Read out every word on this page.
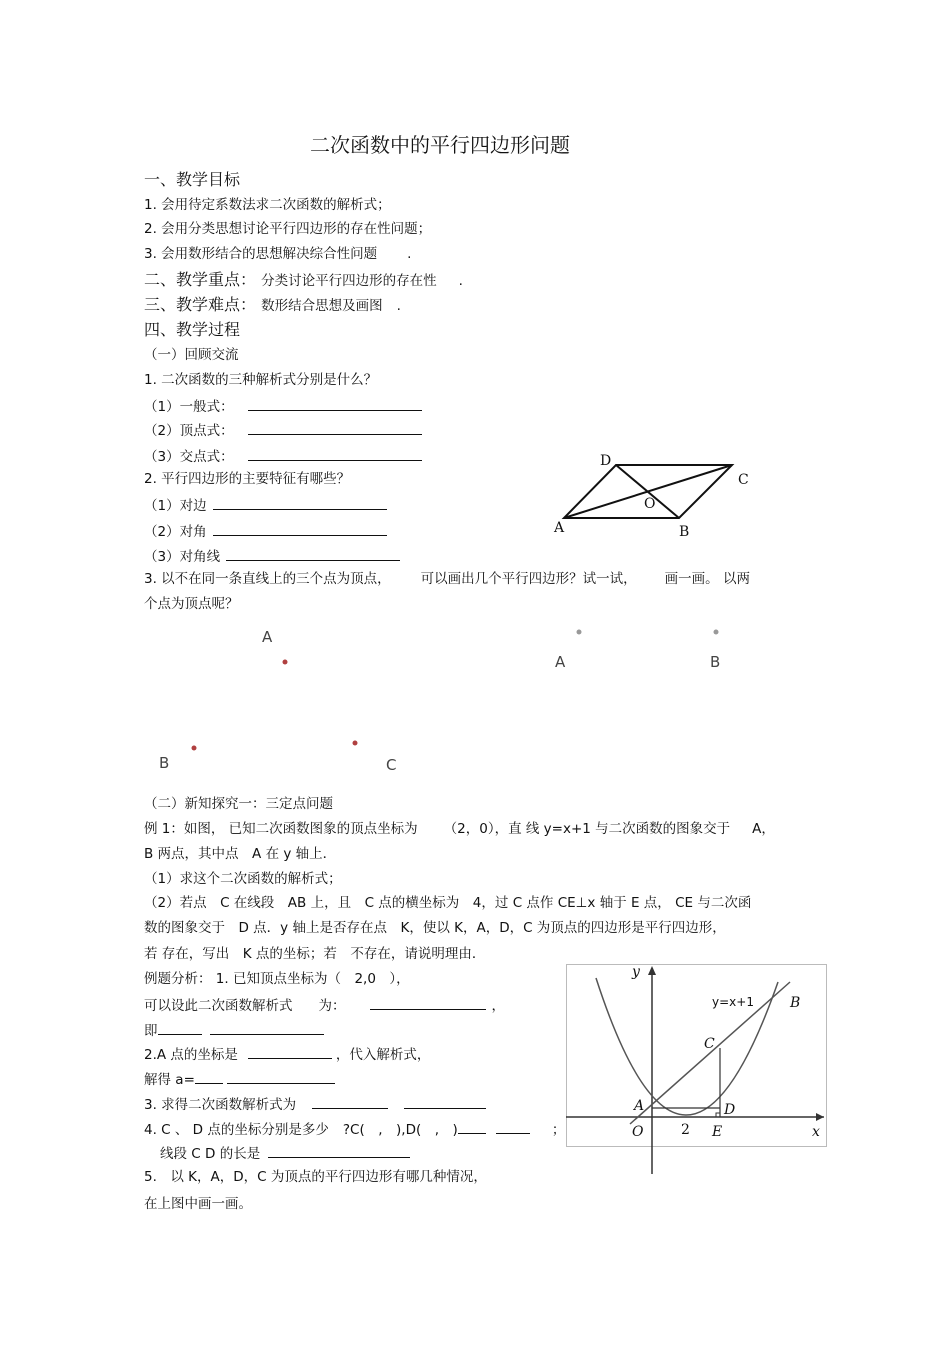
二次函数中的平行四边形问题
一、教学目标
1. 会用待定系数法求二次函数的解析式；
2. 会用分类思想讨论平行四边形的存在性问题；
3. 会用数形结合的思想解决综合性问题 .
二、教学重点： 分类讨论平行四边形的存在性 .
三、教学难点： 数形结合思想及画图 .
四、教学过程
（一）回顾交流
1. 二次函数的三种解析式分别是什么？
（1）一般式：
（2）顶点式：
（3）交点式：
2. 平行四边形的主要特征有哪些？
（1）对边
（2）对角
（3）对角线
3. 以不在同一条直线上的三个点为顶点， 可以画出几个平行四边形？试一试， 画一画。 以两
个点为顶点呢？
D
C
O
A	B
A
B	C
A	B
（二）新知探究一：三定点问题
例 1：如图， 已知二次函数图象的顶点坐标为 （2，0），直 线 y=x+1 与二次函数的图象交于 A，
B 两点，其中点　A 在 y 轴上．
（1）求这个二次函数的解析式；
（2）若点　C 在线段　AB 上，且　C 点的横坐标为　4，过 C 点作 CE⊥x 轴于 E 点， CE 与二次函
数的图象交于　D 点．y 轴上是否存在点　K，使以 K，A，D，C 为顶点的四边形是平行四边形，
若 存在，写出　K 点的坐标；若　不存在，请说明理由．
例题分析： 1. 已知顶点坐标为（　2,0　），
可以设此二次函数解析式 为：	，
即
2.A 点的坐标是	，代入解析式，
解得 a=
3. 求得二次函数解析式为
4. C 、 D 点的坐标分别是多少 ?C(　,　),D(　,　)	；
线段 C D 的长是
5.　以 K，A，D，C 为顶点的平行四边形有哪几种情况，
在上图中画一画。
y=x+1
y
B
C
A	D
O	2 E	x
